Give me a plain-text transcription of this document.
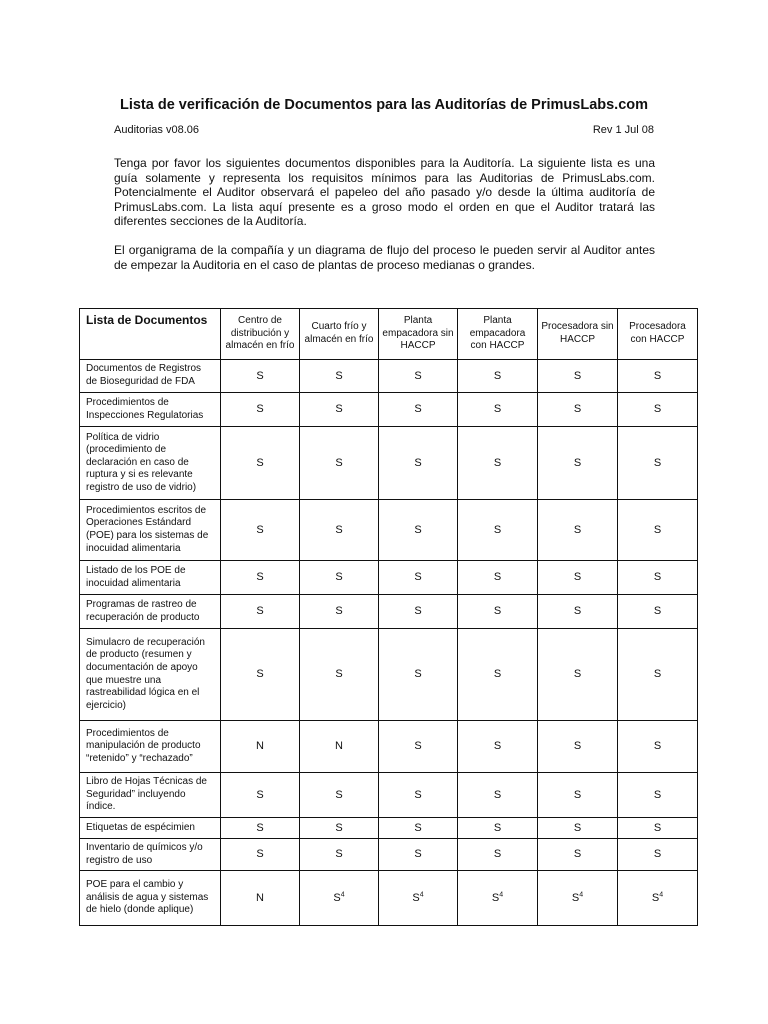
Lista de verificación de Documentos para las Auditorías de PrimusLabs.com
Auditorias v08.06	Rev 1 Jul 08
Tenga por favor los siguientes documentos disponibles para la Auditoría. La siguiente lista es una guía solamente y representa los requisitos mínimos para las Auditorias de PrimusLabs.com. Potencialmente el Auditor observará el papeleo del año pasado y/o desde la última auditoría de PrimusLabs.com. La lista aquí presente es a groso modo el orden en que el Auditor tratará las diferentes secciones de la Auditoría.
El organigrama de la compañía y un diagrama de flujo del proceso le pueden servir al Auditor antes de empezar la Auditoria en el caso de plantas de proceso medianas o grandes.
Lista de Documentos	Centro de distribución y almacén en frío	Cuarto frío y almacén en frío	Planta empacadora sin HACCP	Planta empacadora con HACCP	Procesadora sin HACCP	Procesadora con HACCP
Documentos de Registros de Bioseguridad de FDA	S	S	S	S	S	S
Procedimientos de Inspecciones Regulatorias	S	S	S	S	S	S
Política de vidrio (procedimiento de declaración en caso de ruptura y si es relevante registro de uso de vidrio)	S	S	S	S	S	S
Procedimientos escritos de Operaciones Estándard (POE) para los sistemas de inocuidad alimentaria	S	S	S	S	S	S
Listado de los POE de inocuidad alimentaria	S	S	S	S	S	S
Programas de rastreo de recuperación de producto	S	S	S	S	S	S
Simulacro de recuperación de producto (resumen y documentación de apoyo que muestre una rastreabilidad lógica en el ejercicio)	S	S	S	S	S	S
Procedimientos de manipulación de producto “retenido” y “rechazado”	N	N	S	S	S	S
Libro de Hojas Técnicas de Seguridad” incluyendo índice.	S	S	S	S	S	S
Etiquetas de espécimien	S	S	S	S	S	S
Inventario de químicos y/o registro de uso	S	S	S	S	S	S
POE para el cambio y análisis de agua y sistemas de hielo (donde aplique)	N	$S^4$	$S^4$	$S^4$	$S^4$	$S^4$
